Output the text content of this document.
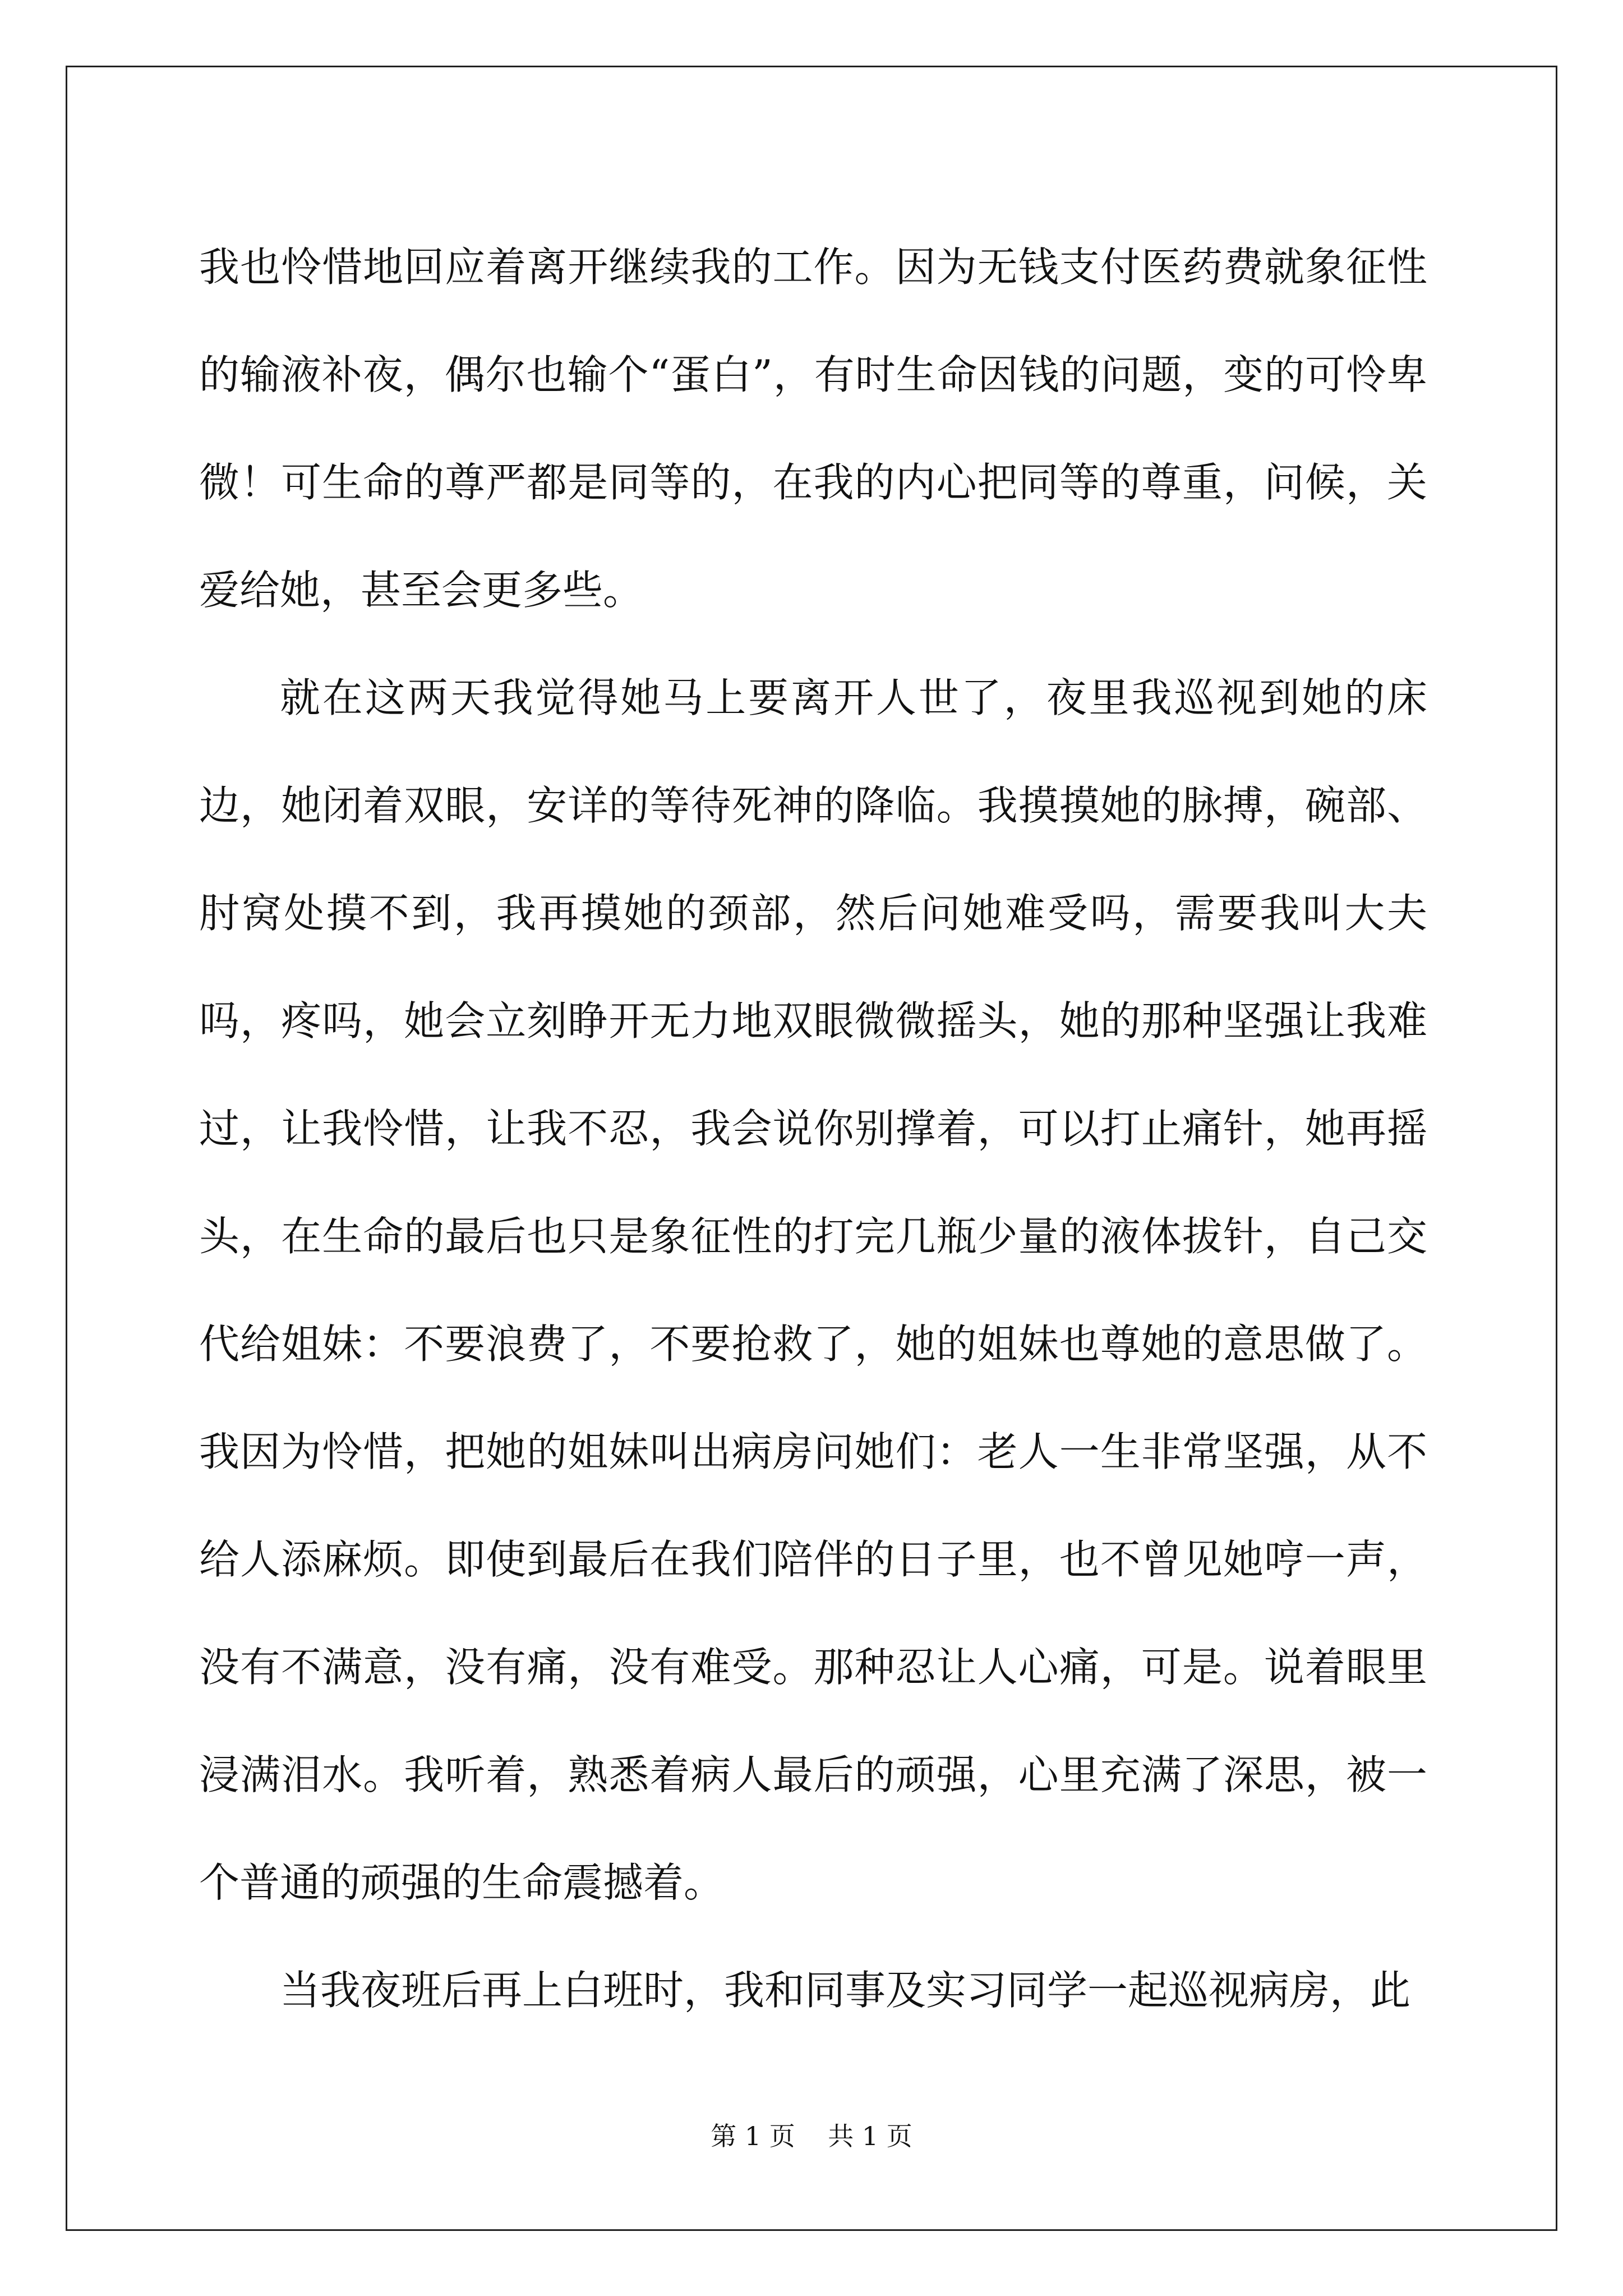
我也怜惜地回应着离开继续我的工作。因为无钱支付医药费就象征性的输液补夜，偶尔也输个“蛋白”，有时生命因钱的问题，变的可怜卑微！可生命的尊严都是同等的，在我的内心把同等的尊重，问候，关爱给她，甚至会更多些。

就在这两天我觉得她马上要离开人世了，夜里我巡视到她的床边，她闭着双眼，安详的等待死神的降临。我摸摸她的脉搏，碗部、肘窝处摸不到，我再摸她的颈部，然后问她难受吗，需要我叫大夫吗，疼吗，她会立刻睁开无力地双眼微微摇头，她的那种坚强让我难过，让我怜惜，让我不忍，我会说你别撑着，可以打止痛针，她再摇头，在生命的最后也只是象征性的打完几瓶少量的液体拔针，自己交代给姐妹：不要浪费了，不要抢救了，她的姐妹也尊她的意思做了。我因为怜惜，把她的姐妹叫出病房问她们：老人一生非常坚强，从不给人添麻烦。即使到最后在我们陪伴的日子里，也不曾见她哼一声，没有不满意，没有痛，没有难受。那种忍让人心痛，可是。说着眼里浸满泪水。我听着，熟悉着病人最后的顽强，心里充满了深思，被一个普通的顽强的生命震撼着。

当我夜班后再上白班时，我和同事及实习同学一起巡视病房，此

第 1 页    共 1 页
